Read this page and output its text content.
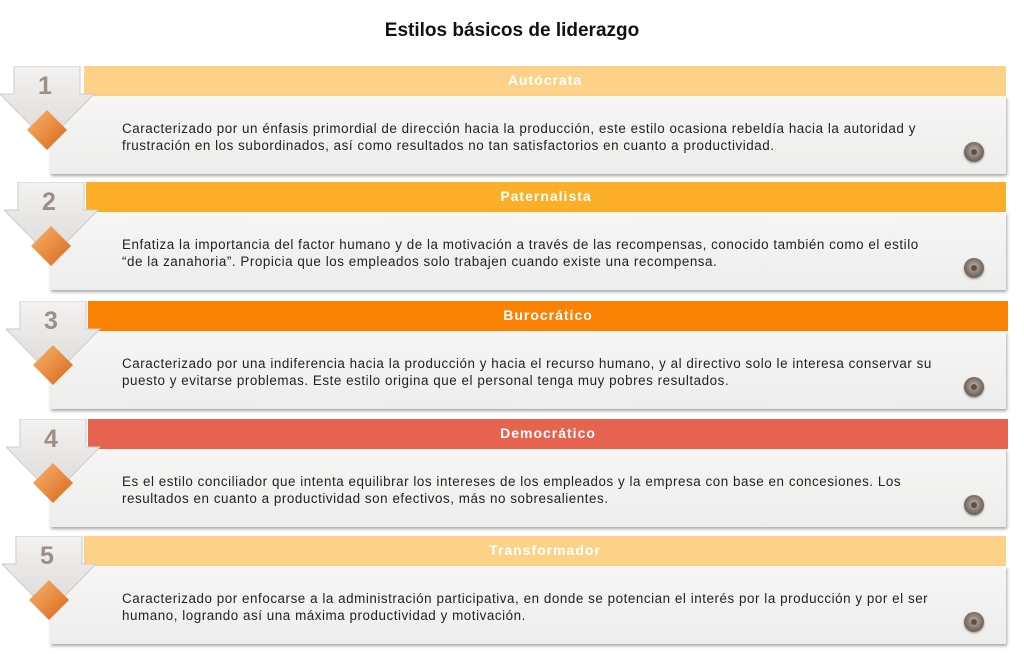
Estilos básicos de liderazgo
Autócrata
Caracterizado por un énfasis primordial de dirección hacia la producción, este estilo ocasiona rebeldía hacia la autoridad y frustración en los subordinados, así como resultados no tan satisfactorios en cuanto a productividad.
1
Paternalista
Enfatiza la importancia del factor humano y de la motivación a través de las recompensas, conocido también como el estilo “de la zanahoria”. Propicia que los empleados solo trabajen cuando existe una recompensa.
2
Burocrático
Caracterizado por una indiferencia hacia la producción y hacia el recurso humano, y al directivo solo le interesa conservar su puesto y evitarse problemas. Este estilo origina que el personal tenga muy pobres resultados.
3
Democrático
Es el estilo conciliador que intenta equilibrar los intereses de los empleados y la empresa con base en concesiones. Los resultados en cuanto a productividad son efectivos, más no sobresalientes.
4
Transformador
Caracterizado por enfocarse a la administración participativa, en donde se potencian el interés por la producción y por el ser humano, logrando así una máxima productividad y motivación.
5
